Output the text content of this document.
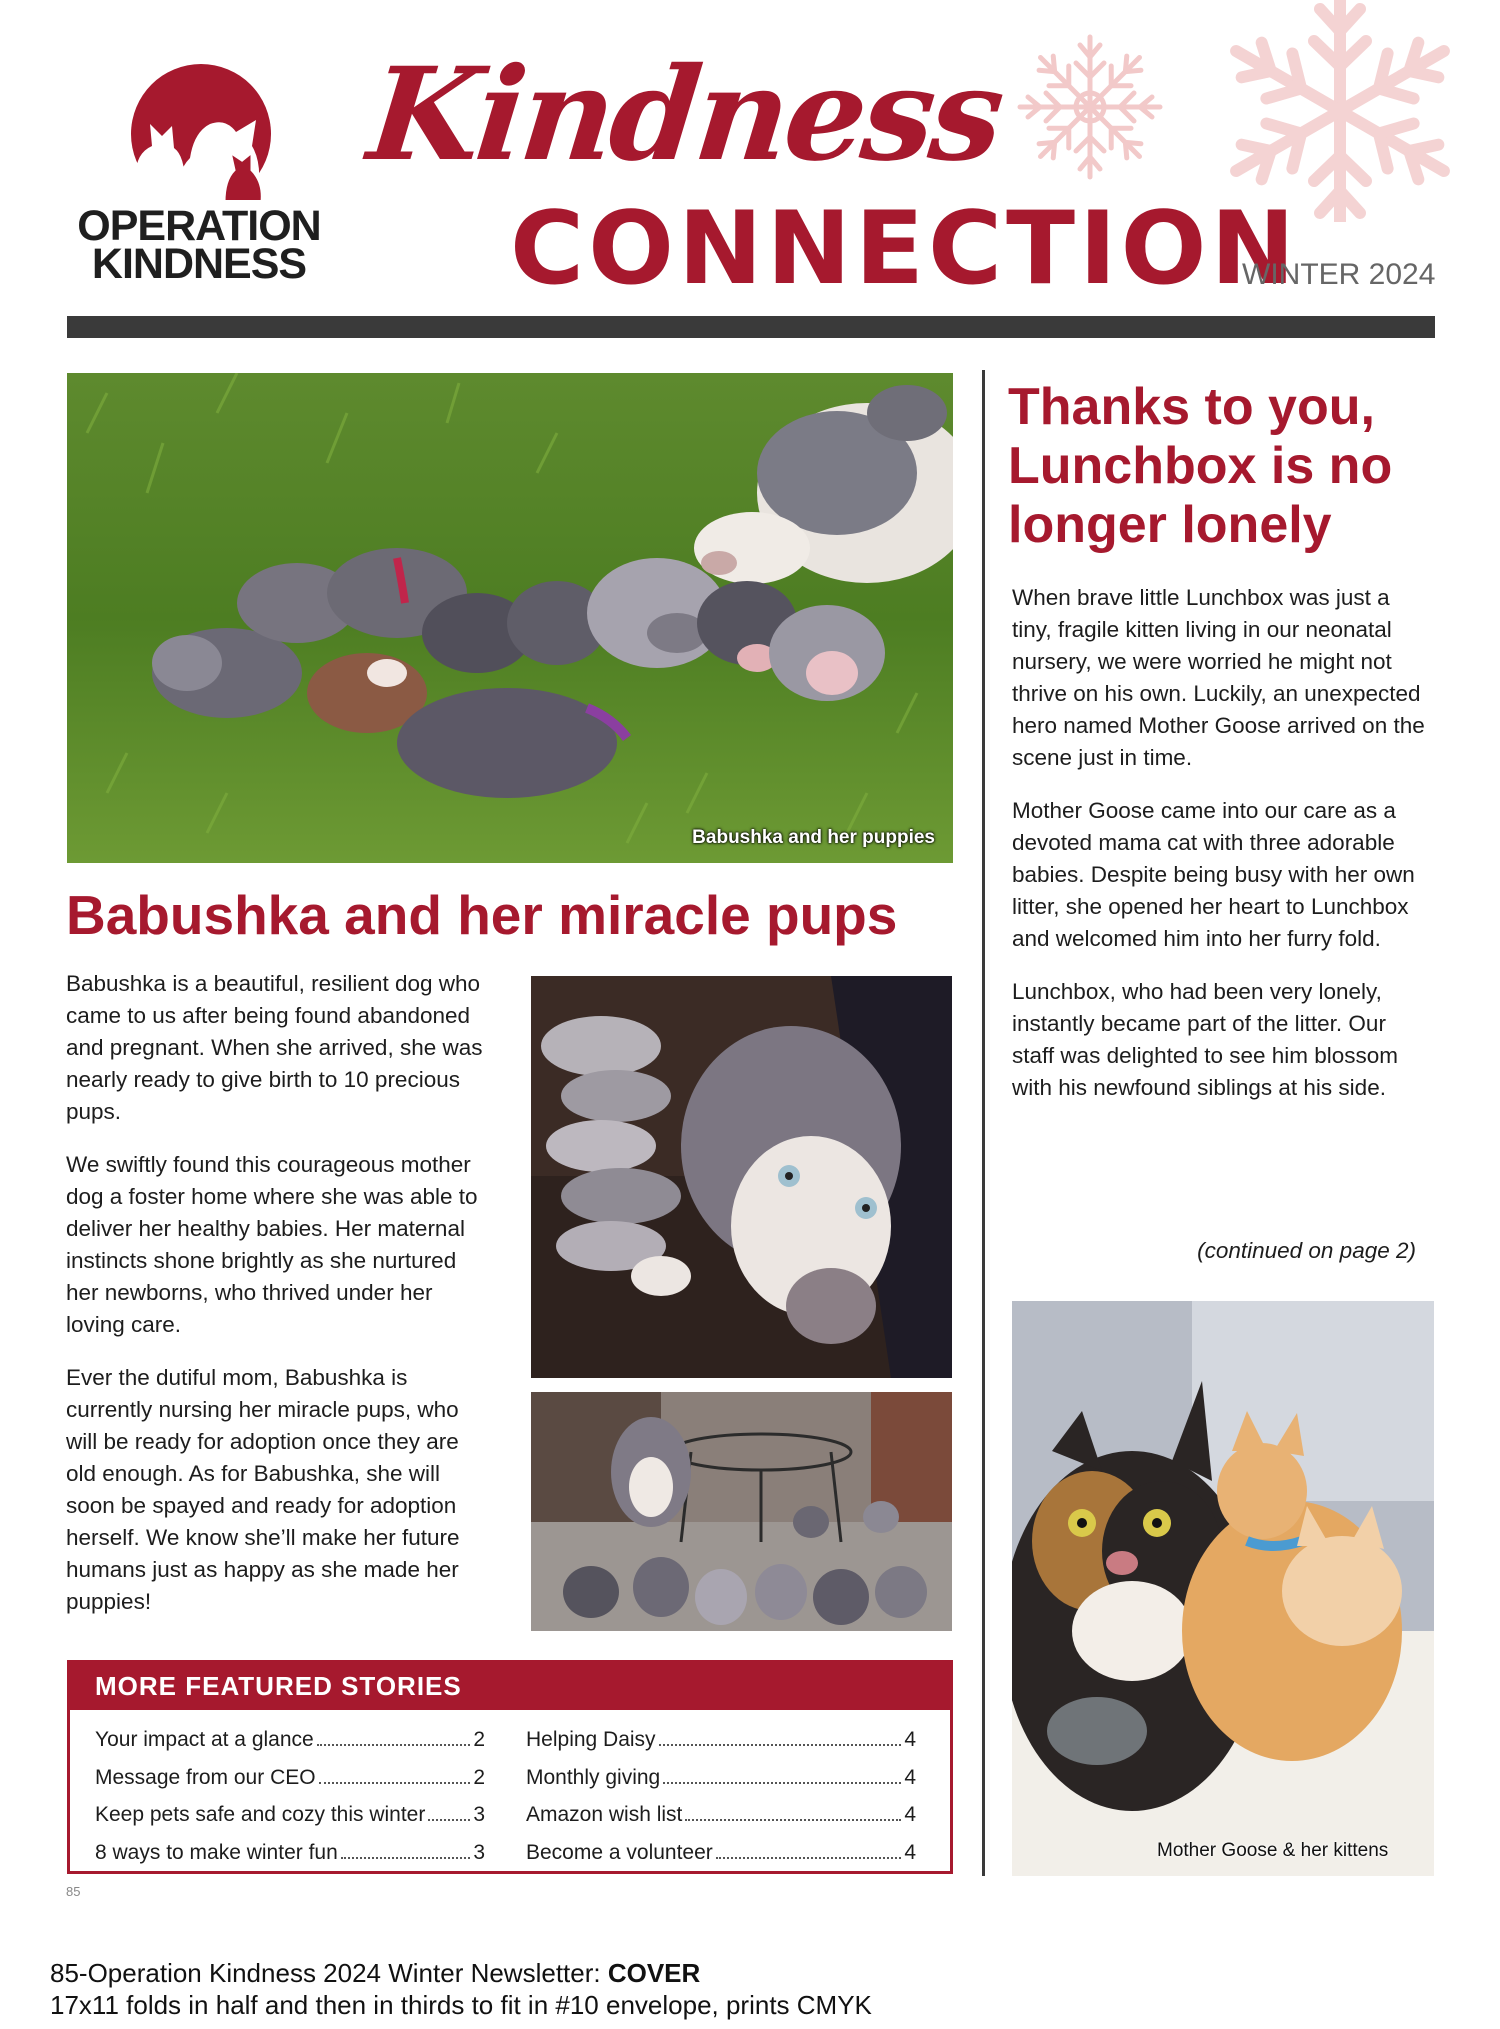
OPERATION
KINDNESS
Kindness
CONNECTION
WINTER 2024
Babushka and her puppies
Babushka and her miracle pups

Babushka is a beautiful, resilient dog who came to us after being found abandoned and pregnant. When she arrived, she was nearly ready to give birth to 10 precious pups.

We swiftly found this courageous mother dog a foster home where she was able to deliver her healthy babies. Her maternal instincts shone brightly as she nurtured her newborns, who thrived under her loving care.

Ever the dutiful mom, Babushka is currently nursing her miracle pups, who will be ready for adoption once they are old enough. As for Babushka, she will soon be spayed and ready for adoption herself. We know she’ll make her future humans just as happy as she made her puppies!

Thanks to you, Lunchbox is no longer lonely

When brave little Lunchbox was just a tiny, fragile kitten living in our neonatal nursery, we were worried he might not thrive on his own. Luckily, an unexpected hero named Mother Goose arrived on the scene just in time.

Mother Goose came into our care as a devoted mama cat with three adorable babies. Despite being busy with her own litter, she opened her heart to Lunchbox and welcomed him into her furry fold.

Lunchbox, who had been very lonely, instantly became part of the litter. Our staff was delighted to see him blossom with his newfound siblings at his side.

(continued on page 2)
Mother Goose & her kittens
MORE FEATURED STORIES
Your impact at a glance	2
Message from our CEO	2
Keep pets safe and cozy this winter 3
8 ways to make winter fun	3
Helping Daisy	4
Monthly giving	4
Amazon wish list	4
Become a volunteer	4
85
85-Operation Kindness 2024 Winter Newsletter: COVER
17x11 folds in half and then in thirds to fit in #10 envelope, prints CMYK
